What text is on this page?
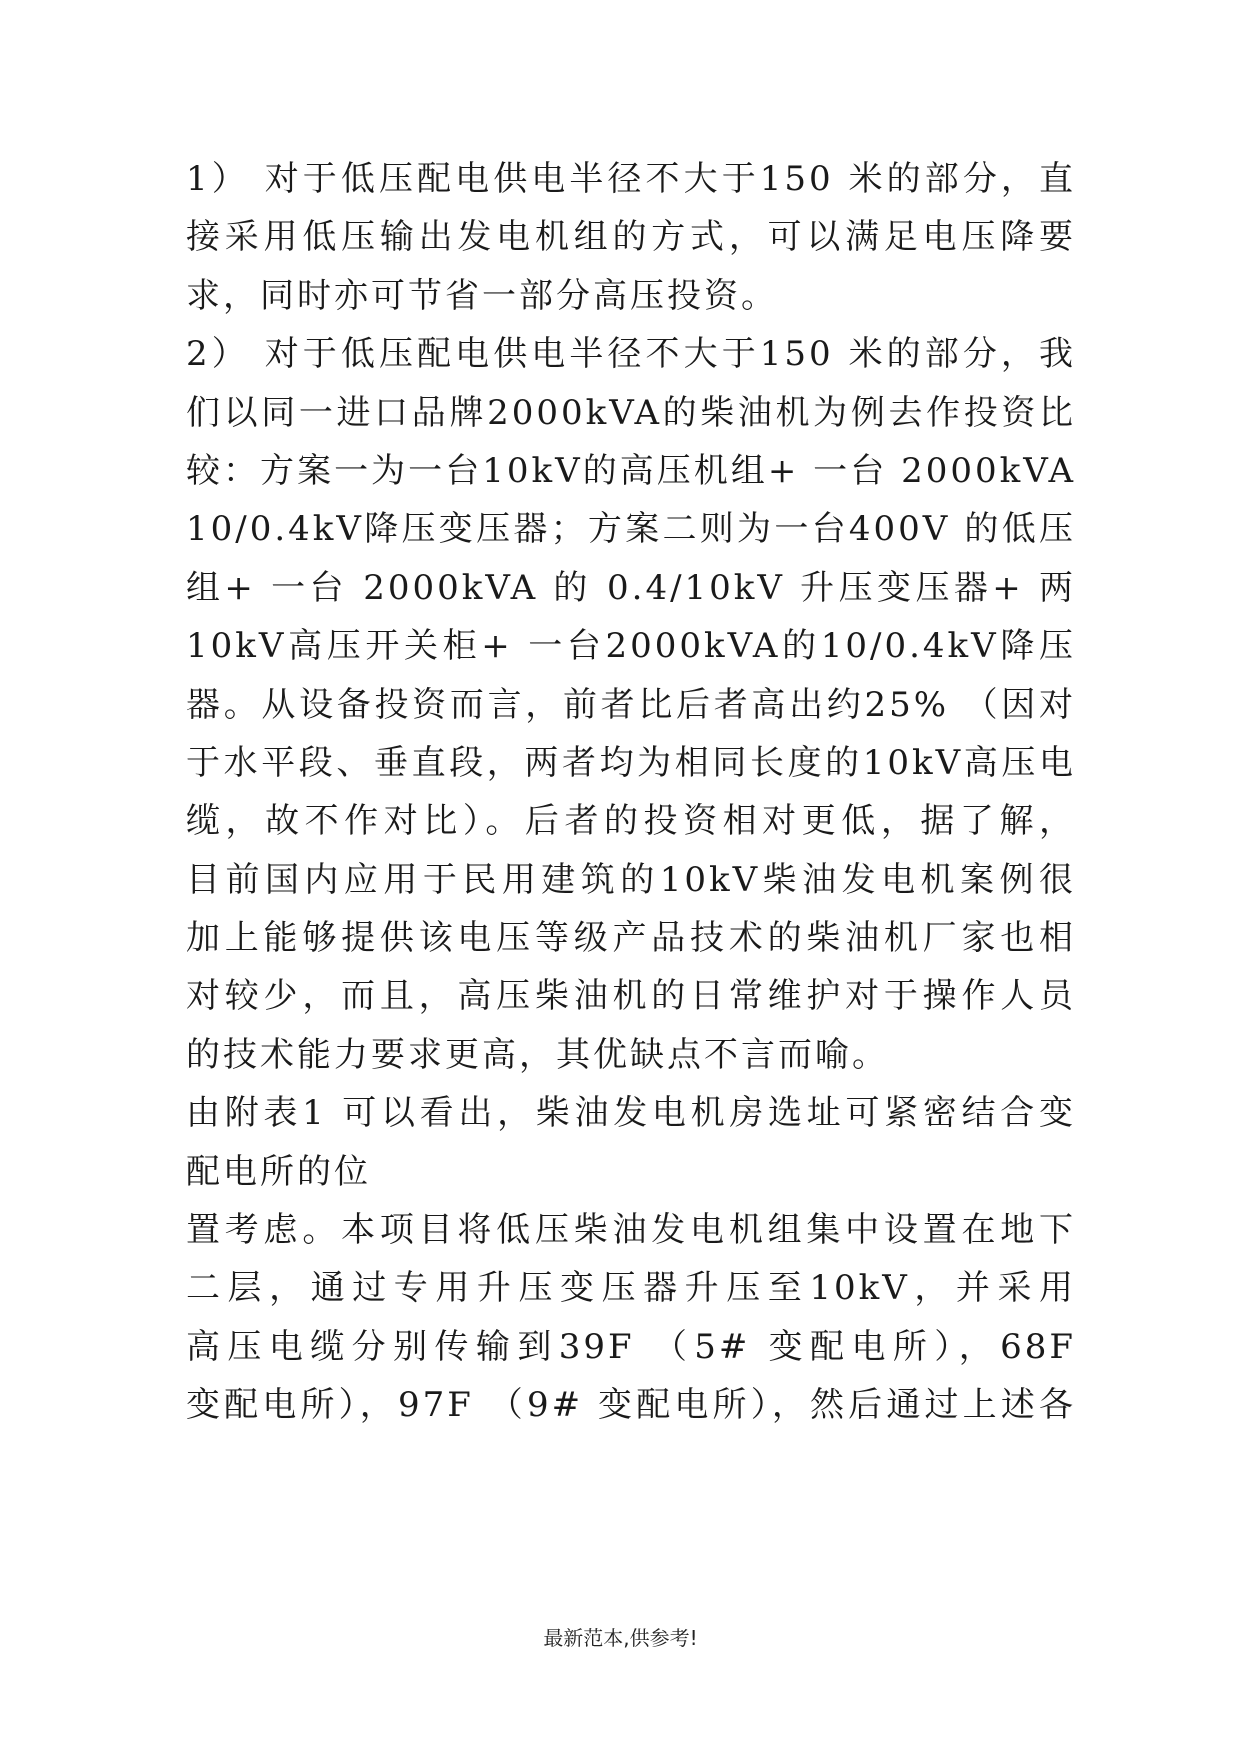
1） 对于低压配电供电半径不大于150 米的部分，直
接采用低压输出发电机组的方式，可以满足电压降要
求，同时亦可节省一部分高压投资。
2） 对于低压配电供电半径不大于150 米的部分，我
们以同一进口品牌2000kVA的柴油机为例去作投资比
较：方案一为一台10kV的高压机组+ 一台 2000kVA
10/0.4kV降压变压器；方案二则为一台400V 的低压
组+ 一台 2000kVA 的 0.4/10kV 升压变压器+ 两
10kV高压开关柜+ 一台2000kVA的10/0.4kV降压
器。从设备投资而言，前者比后者高出约25% （因对
于水平段、垂直段，两者均为相同长度的10kV高压电
缆，故不作对比）。后者的投资相对更低，据了解，
目前国内应用于民用建筑的10kV柴油发电机案例很
加上能够提供该电压等级产品技术的柴油机厂家也相
对较少，而且，高压柴油机的日常维护对于操作人员
的技术能力要求更高，其优缺点不言而喻。
由附表1 可以看出，柴油发电机房选址可紧密结合变
配电所的位
置考虑。本项目将低压柴油发电机组集中设置在地下
二层，通过专用升压变压器升压至10kV，并采用
高压电缆分别传输到39F （5# 变配电所），68F
变配电所），97F （9# 变配电所），然后通过上述各
最新范本,供参考!
